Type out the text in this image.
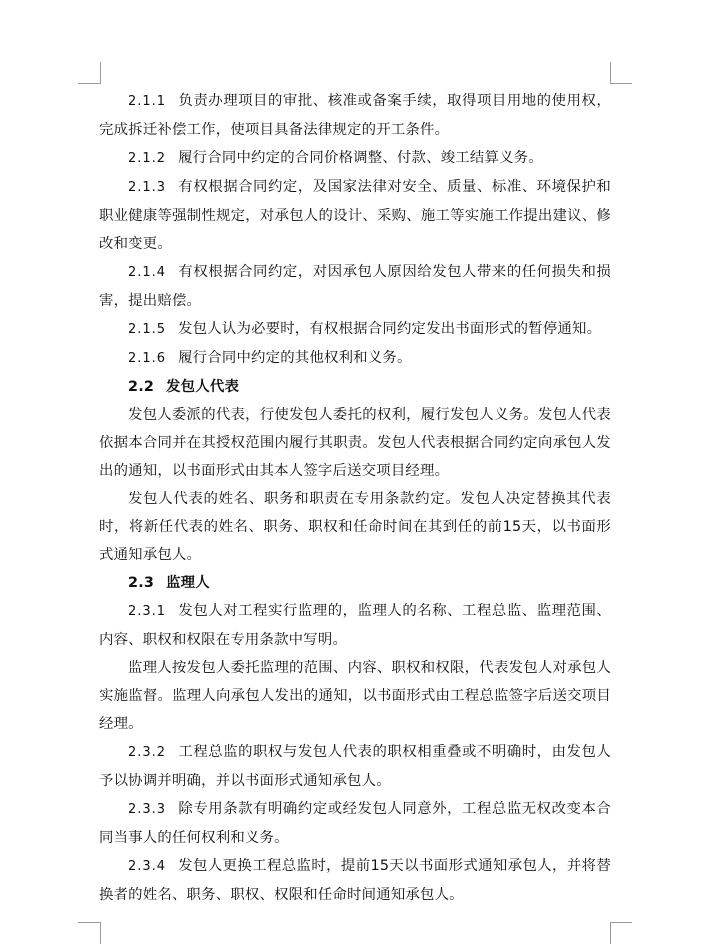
2.1.1 负责办理项目的审批、核准或备案手续，取得项目用地的使用权，完成拆迁补偿工作，使项目具备法律规定的开工条件。

2.1.2 履行合同中约定的合同价格调整、付款、竣工结算义务。

2.1.3 有权根据合同约定，及国家法律对安全、质量、标准、环境保护和职业健康等强制性规定，对承包人的设计、采购、施工等实施工作提出建议、修改和变更。

2.1.4 有权根据合同约定，对因承包人原因给发包人带来的任何损失和损害，提出赔偿。

2.1.5 发包人认为必要时，有权根据合同约定发出书面形式的暂停通知。

2.1.6 履行合同中约定的其他权利和义务。

2.2 发包人代表

发包人委派的代表，行使发包人委托的权利，履行发包人义务。发包人代表依据本合同并在其授权范围内履行其职责。发包人代表根据合同约定向承包人发出的通知，以书面形式由其本人签字后送交项目经理。

发包人代表的姓名、职务和职责在专用条款约定。发包人决定替换其代表时，将新任代表的姓名、职务、职权和任命时间在其到任的前15天，以书面形式通知承包人。

2.3 监理人

2.3.1 发包人对工程实行监理的，监理人的名称、工程总监、监理范围、内容、职权和权限在专用条款中写明。

监理人按发包人委托监理的范围、内容、职权和权限，代表发包人对承包人实施监督。监理人向承包人发出的通知，以书面形式由工程总监签字后送交项目经理。

2.3.2 工程总监的职权与发包人代表的职权相重叠或不明确时，由发包人予以协调并明确，并以书面形式通知承包人。

2.3.3 除专用条款有明确约定或经发包人同意外，工程总监无权改变本合同当事人的任何权利和义务。

2.3.4 发包人更换工程总监时，提前15天以书面形式通知承包人，并将替换者的姓名、职务、职权、权限和任命时间通知承包人。
